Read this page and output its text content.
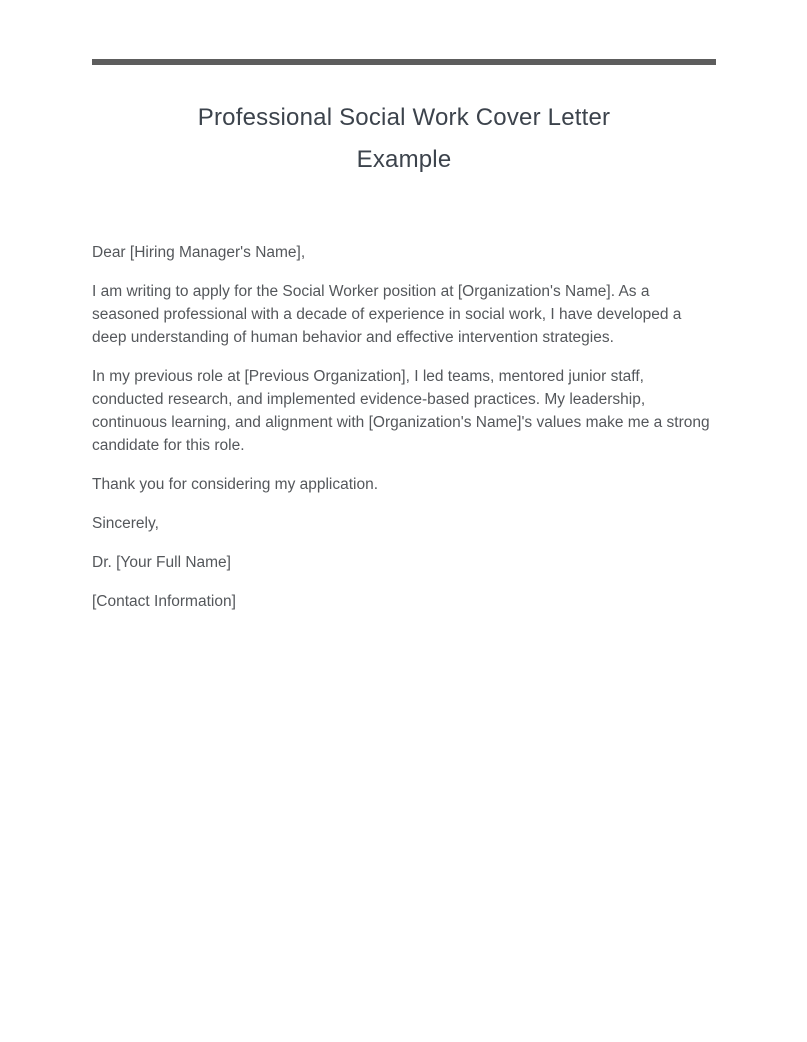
Professional Social Work Cover Letter
Example

Dear [Hiring Manager's Name],

I am writing to apply for the Social Worker position at [Organization's Name]. As a seasoned professional with a decade of experience in social work, I have developed a deep understanding of human behavior and effective intervention strategies.

In my previous role at [Previous Organization], I led teams, mentored junior staff, conducted research, and implemented evidence-based practices. My leadership, continuous learning, and alignment with [Organization's Name]'s values make me a strong candidate for this role.

Thank you for considering my application.

Sincerely,

Dr. [Your Full Name]

[Contact Information]
